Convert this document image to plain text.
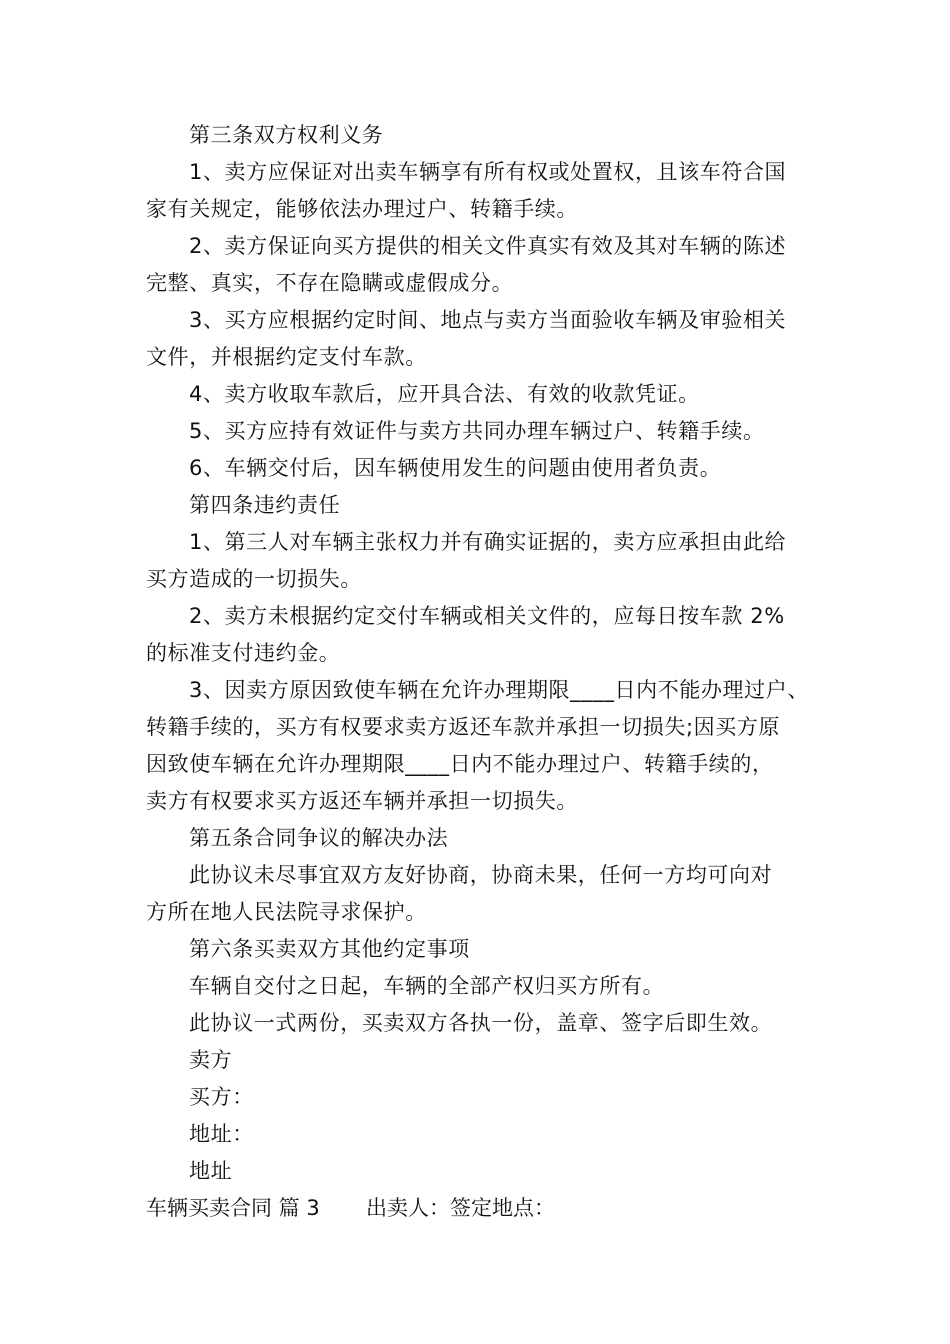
第三条双方权利义务
1、卖方应保证对出卖车辆享有所有权或处置权，且该车符合国
家有关规定，能够依法办理过户、转籍手续。
2、卖方保证向买方提供的相关文件真实有效及其对车辆的陈述
完整、真实，不存在隐瞒或虚假成分。
3、买方应根据约定时间、地点与卖方当面验收车辆及审验相关
文件，并根据约定支付车款。
4、卖方收取车款后，应开具合法、有效的收款凭证。
5、买方应持有效证件与卖方共同办理车辆过户、转籍手续。
6、车辆交付后，因车辆使用发生的问题由使用者负责。
第四条违约责任
1、第三人对车辆主张权力并有确实证据的，卖方应承担由此给
买方造成的一切损失。
2、卖方未根据约定交付车辆或相关文件的，应每日按车款 2%
的标准支付违约金。
3、因卖方原因致使车辆在允许办理期限____日内不能办理过户、
转籍手续的，买方有权要求卖方返还车款并承担一切损失;因买方原
因致使车辆在允许办理期限____日内不能办理过户、转籍手续的，
卖方有权要求买方返还车辆并承担一切损失。
第五条合同争议的解决办法
此协议未尽事宜双方友好协商，协商未果，任何一方均可向对
方所在地人民法院寻求保护。
第六条买卖双方其他约定事项
车辆自交付之日起，车辆的全部产权归买方所有。
此协议一式两份，买卖双方各执一份，盖章、签字后即生效。
卖方
买方：
地址：
地址
车辆买卖合同 篇 3 出卖人：签定地点：
